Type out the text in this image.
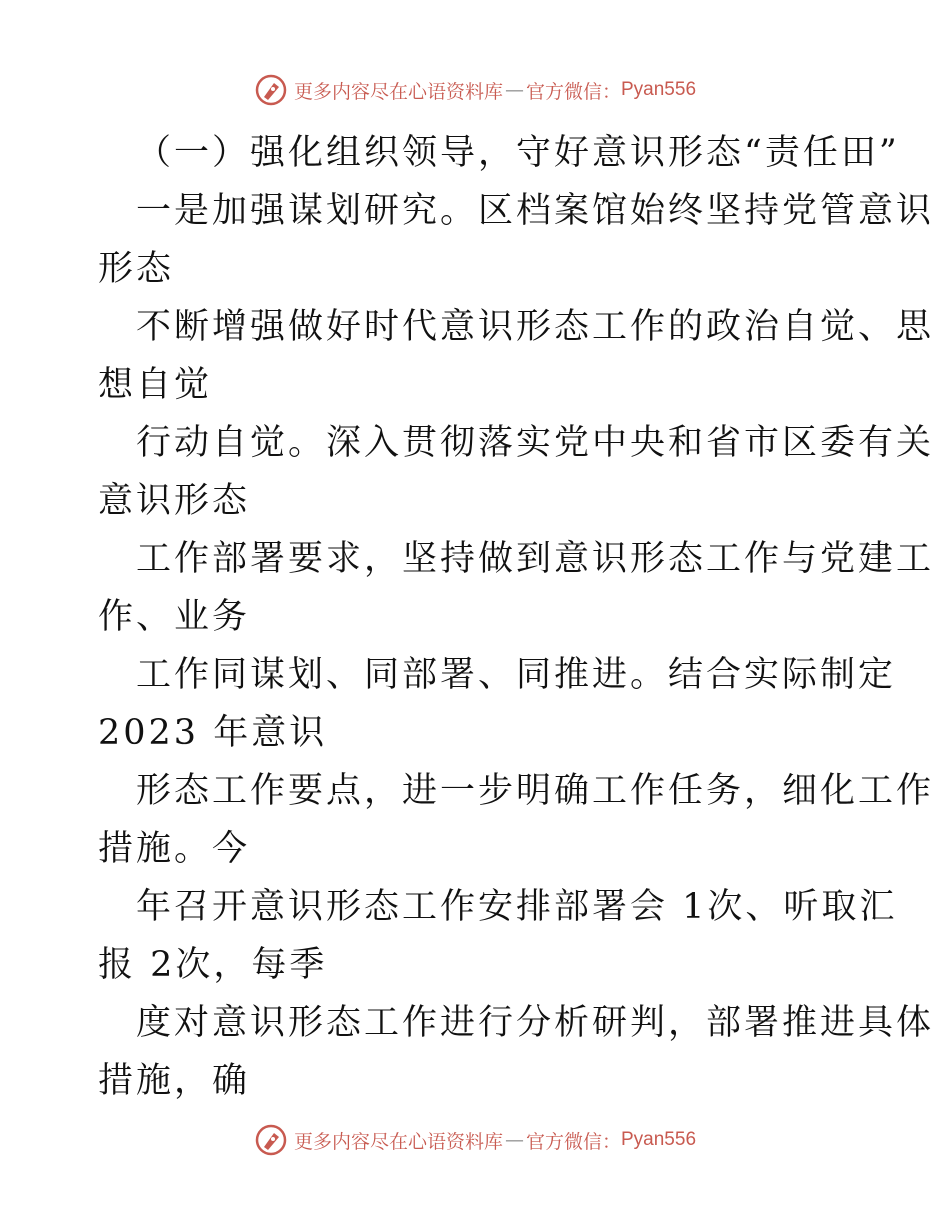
更多内容尽在心语资料库 — 官方微信： Pyan556
（一）强化组织领导，守好意识形态“责任田”
一是加强谋划研究。区档案馆始终坚持党管意识
形态
不断增强做好时代意识形态工作的政治自觉、思
想自觉
行动自觉。深入贯彻落实党中央和省市区委有关
意识形态
工作部署要求，坚持做到意识形态工作与党建工
作、业务
工作同谋划、同部署、同推进。结合实际制定
2023 年意识
形态工作要点，进一步明确工作任务，细化工作
措施。今
年召开意识形态工作安排部署会 1次、听取汇
报 2次，每季
度对意识形态工作进行分析研判，部署推进具体
措施，确
更多内容尽在心语资料库 — 官方微信： Pyan556
